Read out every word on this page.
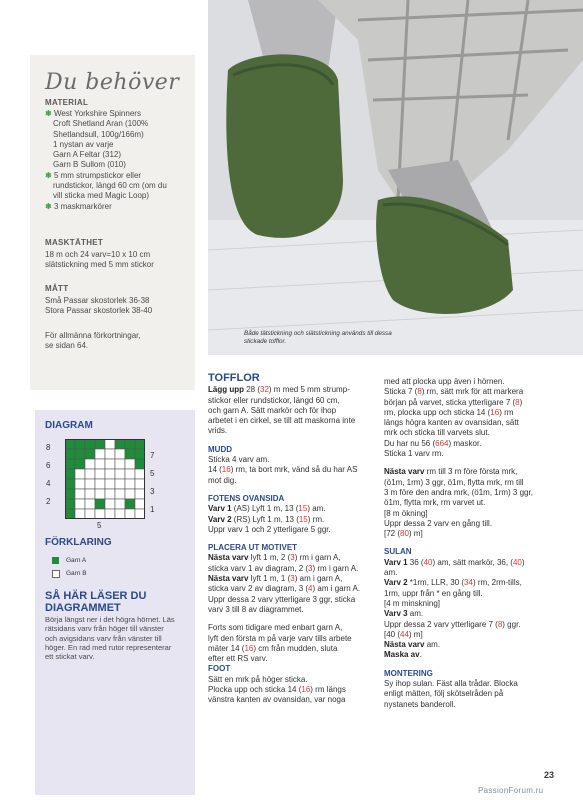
Både tätstickning och slätstickning används till dessa stickade tofflor.
Du behöver
MATERIAL
❄ West Yorkshire Spinners
Croft Shetland Aran (100%
Shetlandsull, 100g/166m)
1 nystan av varje
Garn A Feltar (312)
Garn B Sullom (010)
❄ 5 mm strumpstickor eller
rundstickor, längd 60 cm (om du
vill sticka med Magic Loop)
❄ 3 maskmarkörer
MASKTÄTHET
18 m och 24 varv=10 x 10 cm
slätstickning med 5 mm stickor
MÅTT
Små Passar skostorlek 36-38
Stora Passar skostorlek 38-40
För allmänna förkortningar,
se sidan 64.
DIAGRAM
8
6
4
2
7
5
3
1
5
FÖRKLARING
Garn A
Garn B
SÅ HÄR LÄSER DU
DIAGRAMMET
Börja längst ner i det högra hörnet. Läs
rätsidans varv från höger till vänster
och avigsidans varv från vänster till
höger. En rad med rutor representerar
ett stickat varv.
TOFFLOR
Lägg upp 28 (32) m med 5 mm strump-
stickor eller rundstickor, längd 60 cm,
och garn A. Sätt markör och för ihop
arbetet i en cirkel, se till att maskorna inte
vrids.
MUDD
Sticka 4 varv am.
14 (16) rm, ta bort mrk, vänd så du har AS
mot dig.
FOTENS OVANSIDA
Varv 1 (AS) Lyft 1 m, 13 (15) am.
Varv 2 (RS) Lyft 1 m, 13 (15) rm.
Uppr varv 1 och 2 ytterligare 5 ggr.
PLACERA UT MOTIVET
Nästa varv lyft 1 m, 2 (3) rm i garn A,
sticka varv 1 av diagram, 2 (3) rm i garn A.
Nästa varv lyft 1 m, 1 (3) am i garn A,
sticka varv 2 av diagram, 3 (4) am i garn A.
Uppr dessa 2 varv ytterligare 3 ggr, sticka
varv 3 till 8 av diagrammet.
Forts som tidigare med enbart garn A,
lyft den första m på varje varv tills arbete
mäter 14 (16) cm från mudden, sluta
efter ett RS varv.
FOOT
Sätt en mrk på höger sticka.
Plocka upp och sticka 14 (16) rm längs
vänstra kanten av ovansidan, var noga
med att plocka upp även i hörnen.
Sticka 7 (8) rm, sätt mrk för att markera
början på varvet, sticka ytterligare 7 (8)
rm, plocka upp och sticka 14 (16) rm
längs högra kanten av ovansidan, sätt
mrk och sticka till varvets slut.
Du har nu 56 (664) maskor.
Sticka 1 varv rm.
Nästa varv rm till 3 m före första mrk,
(ö1m, 1rm) 3 ggr, ö1m, flytta mrk, rm till
3 m före den andra mrk, (ö1m, 1rm) 3 ggr,
ö1m, flytta mrk, rm varvet ut.
[8 m ökning]
Uppr dessa 2 varv en gång till.
[72 (80) m]
SULAN
Varv 1 36 (40) am, sätt markör, 36, (40)
am.
Varv 2 *1rm, LLR, 30 (34) rm, 2rm-tills,
1rm, uppr från * en gång till.
[4 m minskning]
Varv 3 am.
Uppr dessa 2 varv ytterligare 7 (8) ggr.
[40 (44) m]
Nästa varv am.
Maska av.
MONTERING
Sy ihop sulan. Fäst alla trådar. Blocka
enligt mätten, följ skötselråden på
nystanets banderoll.
23
PassionForum.ru
